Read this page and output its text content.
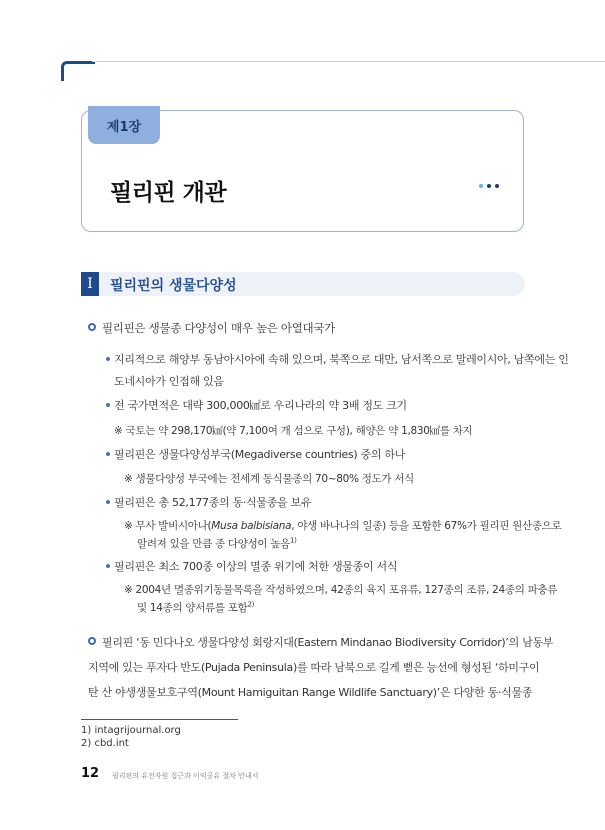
제1장
필리핀 개관
I	필리핀의 생물다양성
필리핀은 생물종 다양성이 매우 높은 아열대국가
지리적으로 해양부 동남아시아에 속해 있으며, 북쪽으로 대만, 남서쪽으로 말레이시아, 남쪽에는 인
도네시아가 인접해 있음
전 국가면적은 대략 300,000㎢로 우리나라의 약 3배 정도 크기
※ 국토는 약 298,170㎢(약 7,100여 개 섬으로 구성), 해양은 약 1,830㎢를 차지
필리핀은 생물다양성부국(Megadiverse countries) 중의 하나
※ 생물다양성 부국에는 전세계 동식물종의 70~80% 정도가 서식
필리핀은 총 52,177종의 동·식물종을 보유
※ 무사 발비시아나(Musa balbisiana, 야생 바나나의 일종) 등을 포함한 67%가 필리핀 원산종으로
알려져 있을 만큼 종 다양성이 높음$^{1)}$
필리핀은 최소 700종 이상의 멸종 위기에 처한 생물종이 서식
※ 2004년 멸종위기동물목록을 작성하였으며, 42종의 육지 포유류, 127종의 조류, 24종의 파충류
및 14종의 양서류를 포함$^{2)}$
필리핀 ‘동 민다나오 생물다양성 회랑지대(Eastern Mindanao Biodiversity Corridor)’의 남동부
지역에 있는 푸자다 반도(Pujada Peninsula)를 따라 남북으로 길게 뻗은 능선에 형성된 ‘하미구이
탄 산 야생생물보호구역(Mount Hamiguitan Range Wildlife Sanctuary)’은 다양한 동·식물종
1) intagrijournal.org
2) cbd.int
12 필리핀의 유전자원 접근과 이익공유 절차 안내서
